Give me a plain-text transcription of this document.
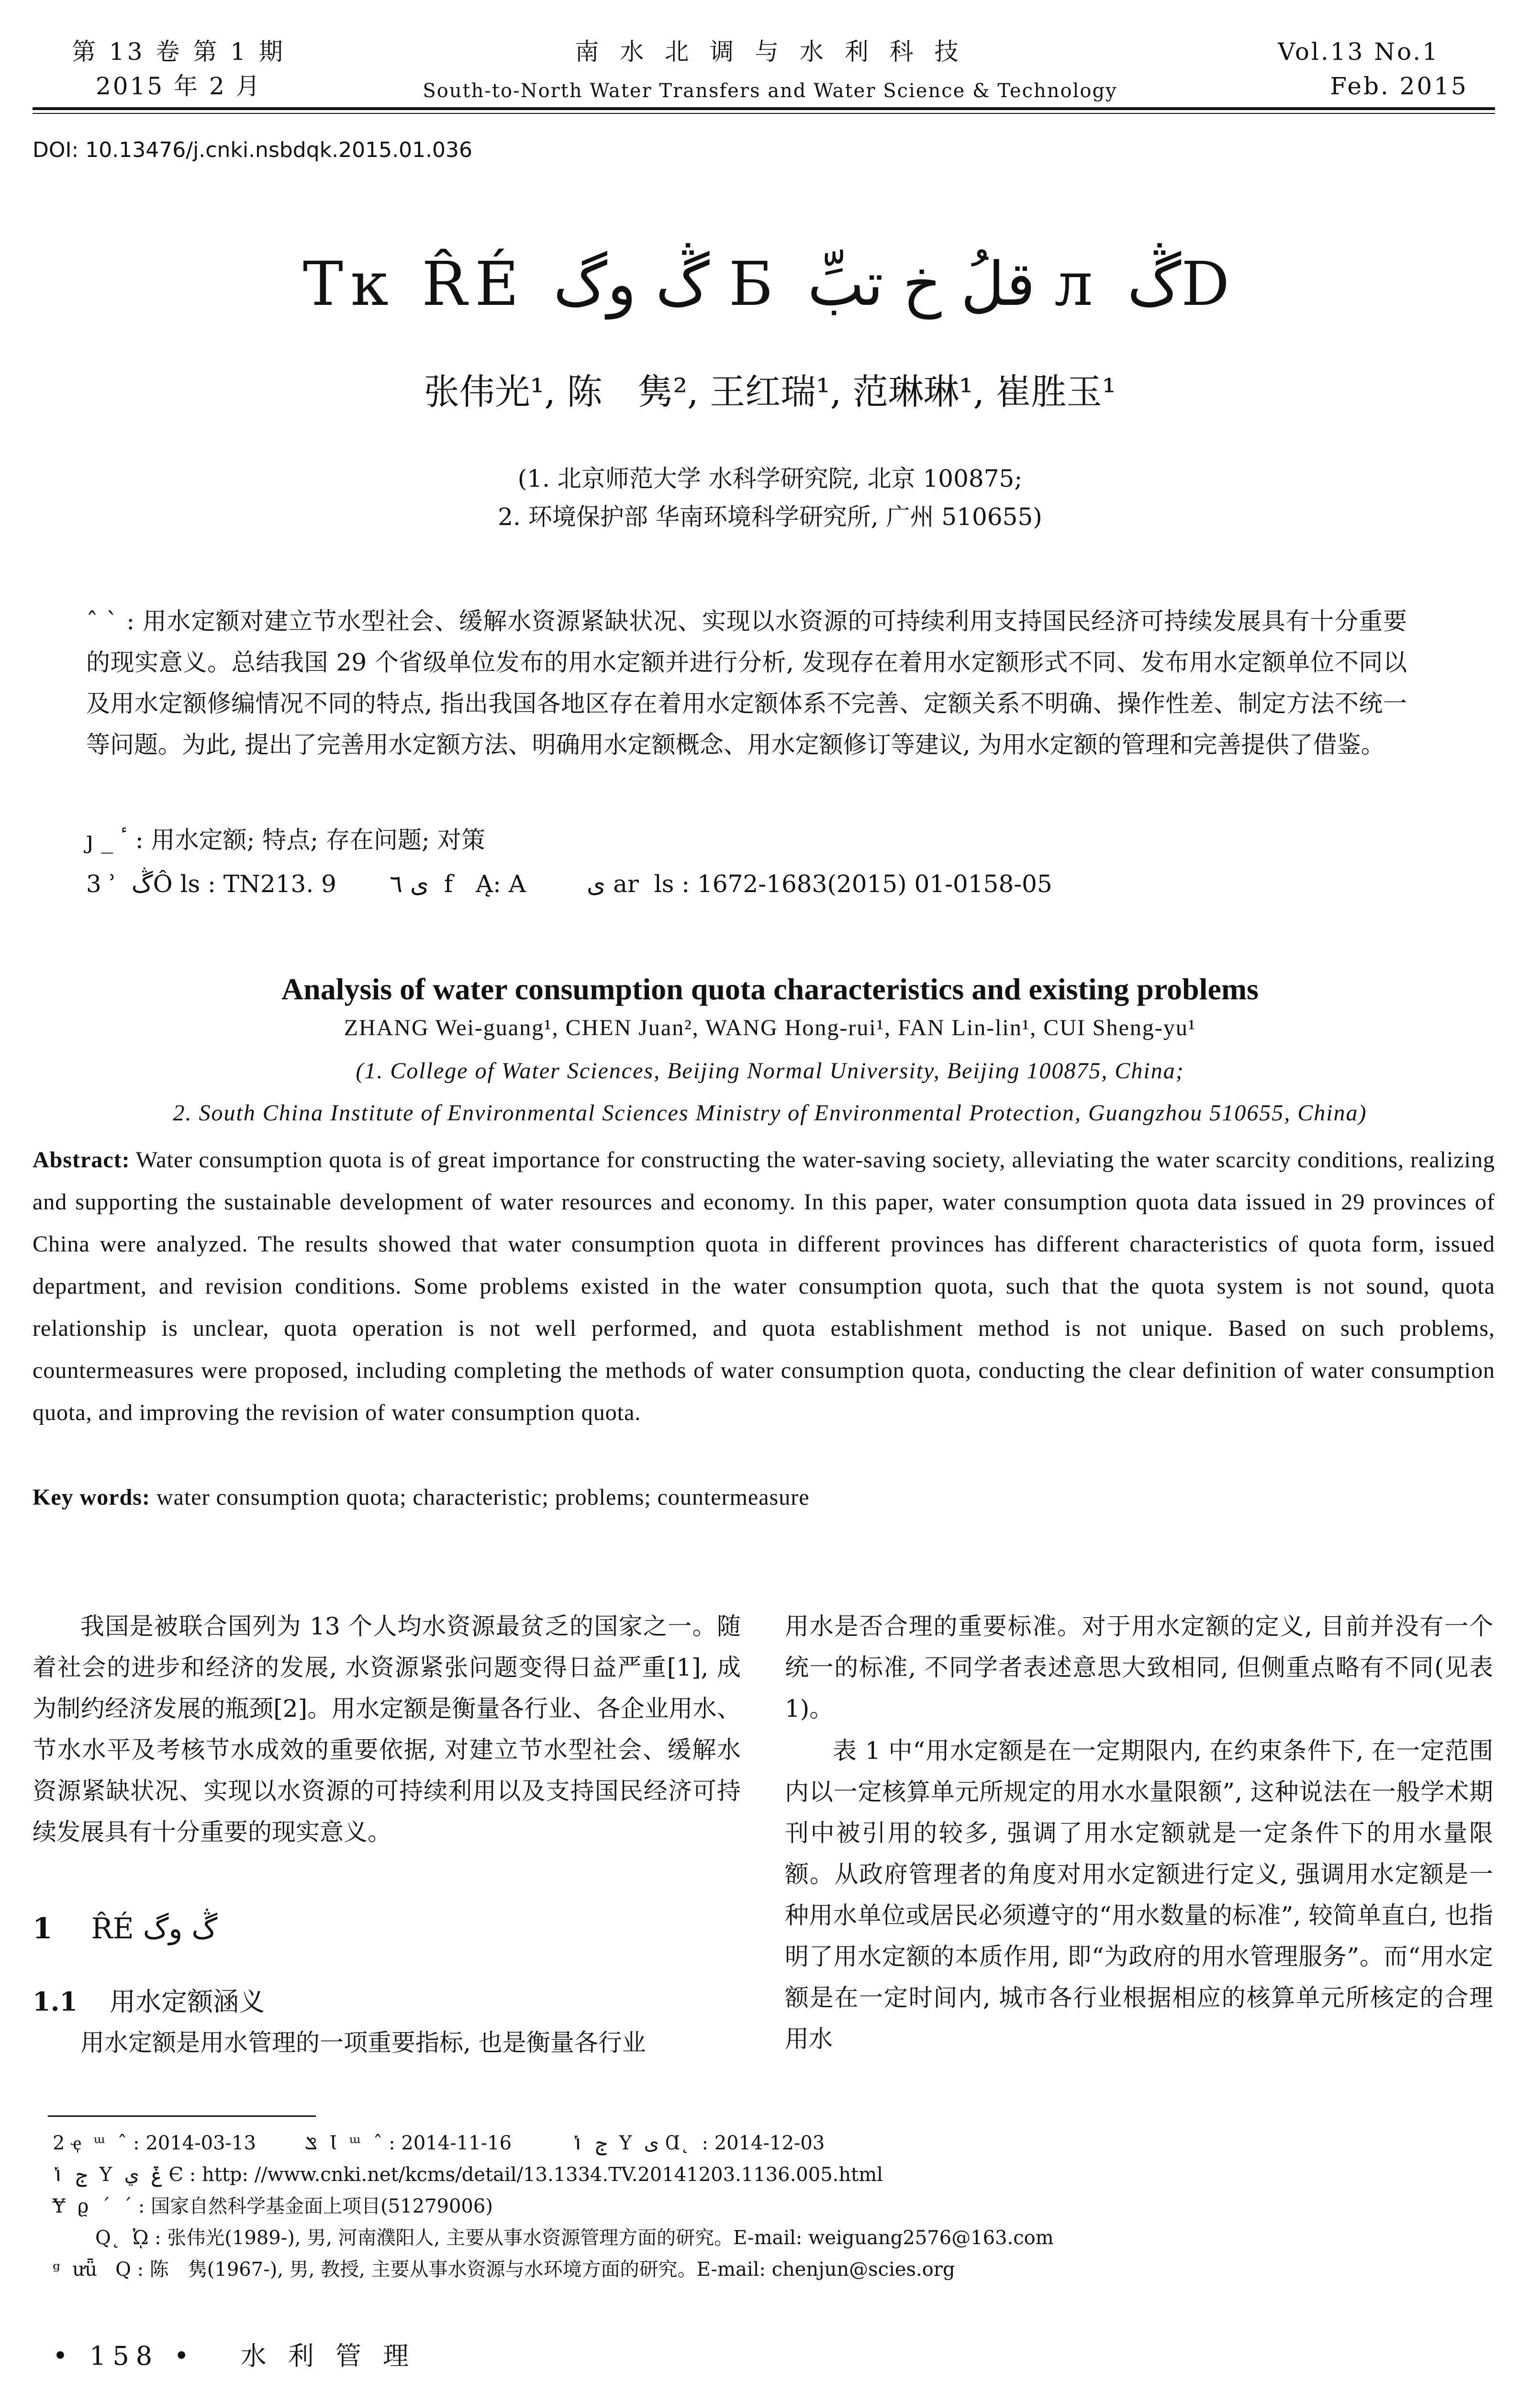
第 13 卷 第 1 期
2015 年 2 月
南 水 北 调 与 水 利 科 技
South-to-North Water Transfers and Water Science & Technology
Vol.13 No.1
Feb. 2015
DOI: 10.13476/j.cnki.nsbdqk.2015.01.036
Tĸ R̂É ڴ وگ Б قلُ خ تبِّ л ڴD
张伟光¹, 陈　隽², 王红瑞¹, 范琳琳¹, 崔胜玉¹
(1. 北京师范大学 水科学研究院, 北京 100875;
2. 环境保护部 华南环境科学研究所, 广州 510655)
ˆ ˋ : 用水定额对建立节水型社会、缓解水资源紧缺状况、实现以水资源的可持续利用支持国民经济可持续发展具有十分重要的现实意义。总结我国 29 个省级单位发布的用水定额并进行分析, 发现存在着用水定额形式不同、发布用水定额单位不同以及用水定额修编情况不同的特点, 指出我国各地区存在着用水定额体系不完善、定额关系不明确、操作性差、制定方法不统一等问题。为此, 提出了完善用水定额方法、明确用水定额概念、用水定额修订等建议, 为用水定额的管理和完善提供了借鉴。
ȷ _ ٴ : 用水定额; 特点; 存在问题; 对策
3 ʾ  ڴÔ ls : TN213. 9       ی ٦ ‌ f   Ą: A        ی ar  ls : 1672-1683(2015) 01-0158-05
Analysis of water consumption quota characteristics and existing problems
ZHANG Wei-guang¹, CHEN Juan², WANG Hong-rui¹, FAN Lin-lin¹, CUI Sheng-yu¹
(1. College of Water Sciences, Beijing Normal University, Beijing 100875, China;
2. South China Institute of Environmental Sciences Ministry of Environmental Protection, Guangzhou 510655, China)
Abstract: Water consumption quota is of great importance for constructing the water-saving society, alleviating the water scarcity conditions, realizing and supporting the sustainable development of water resources and economy. In this paper, water consumption quota data issued in 29 provinces of China were analyzed. The results showed that water consumption quota in different provinces has different characteristics of quota form, issued department, and revision conditions. Some problems existed in the water consumption quota, such that the quota system is not sound, quota relationship is unclear, quota operation is not well performed, and quota establishment method is not unique. Based on such problems, countermeasures were proposed, including completing the methods of water consumption quota, conducting the clear definition of water consumption quota, and improving the revision of water consumption quota.
Key words: water consumption quota; characteristic; problems; countermeasure
我国是被联合国列为 13 个人均水资源最贫乏的国家之一。随着社会的进步和经济的发展, 水资源紧张问题变得日益严重[1], 成为制约经济发展的瓶颈[2]。用水定额是衡量各行业、各企业用水、节水水平及考核节水成效的重要依据, 对建立节水型社会、缓解水资源紧缺状况、实现以水资源的可持续利用以及支持国民经济可持续发展具有十分重要的现实意义。
1 R̂É ڴ وگ
1.1 用水定额涵义
用水定额是用水管理的一项重要指标, 也是衡量各行业
用水是否合理的重要标准。对于用水定额的定义, 目前并没有一个统一的标准, 不同学者表述意思大致相同, 但侧重点略有不同(见表 1)。
表 1 中“用水定额是在一定期限内, 在约束条件下, 在一定范围内以一定核算单元所规定的用水水量限额”, 这种说法在一般学术期刊中被引用的较多, 强调了用水定额就是一定条件下的用水量限额。从政府管理者的角度对用水定额进行定义, 强调用水定额是一种用水单位或居民必须遵守的“用水数量的标准”, 较简单直白, 也指明了用水定额的本质作用, 即“为政府的用水管理服务”。而“用水定额是在一定时间内, 城市各行业根据相应的核算单元所核定的合理用水
2 ҿ  ᵚ  ˆ : 2014-03-13        ݏ  Ɩ  ᵚ  ˆ : 2014-11-16          ج  ݳ  Y  ی Ɑ˛  : 2014-12-03
ج  ݳ  Y  ݞ  ي Є : http: //www.cnki.net/kcms/detail/13.1334.TV.20141203.1136.005.html
Ɏ  ϱ  ´  ˊ : 国家自然科学基金面上项目(51279006)
Q˛  ᾨ : 张伟光(1989-), 男, 河南濮阳人, 主要从事水资源管理方面的研究。E-mail: weiguang2576@163.com
ᵍ  ưǖ   Q : 陈　隽(1967-), 男, 教授, 主要从事水资源与水环境方面的研究。E-mail: chenjun@scies.org
• 158 •   水 利 管 理
